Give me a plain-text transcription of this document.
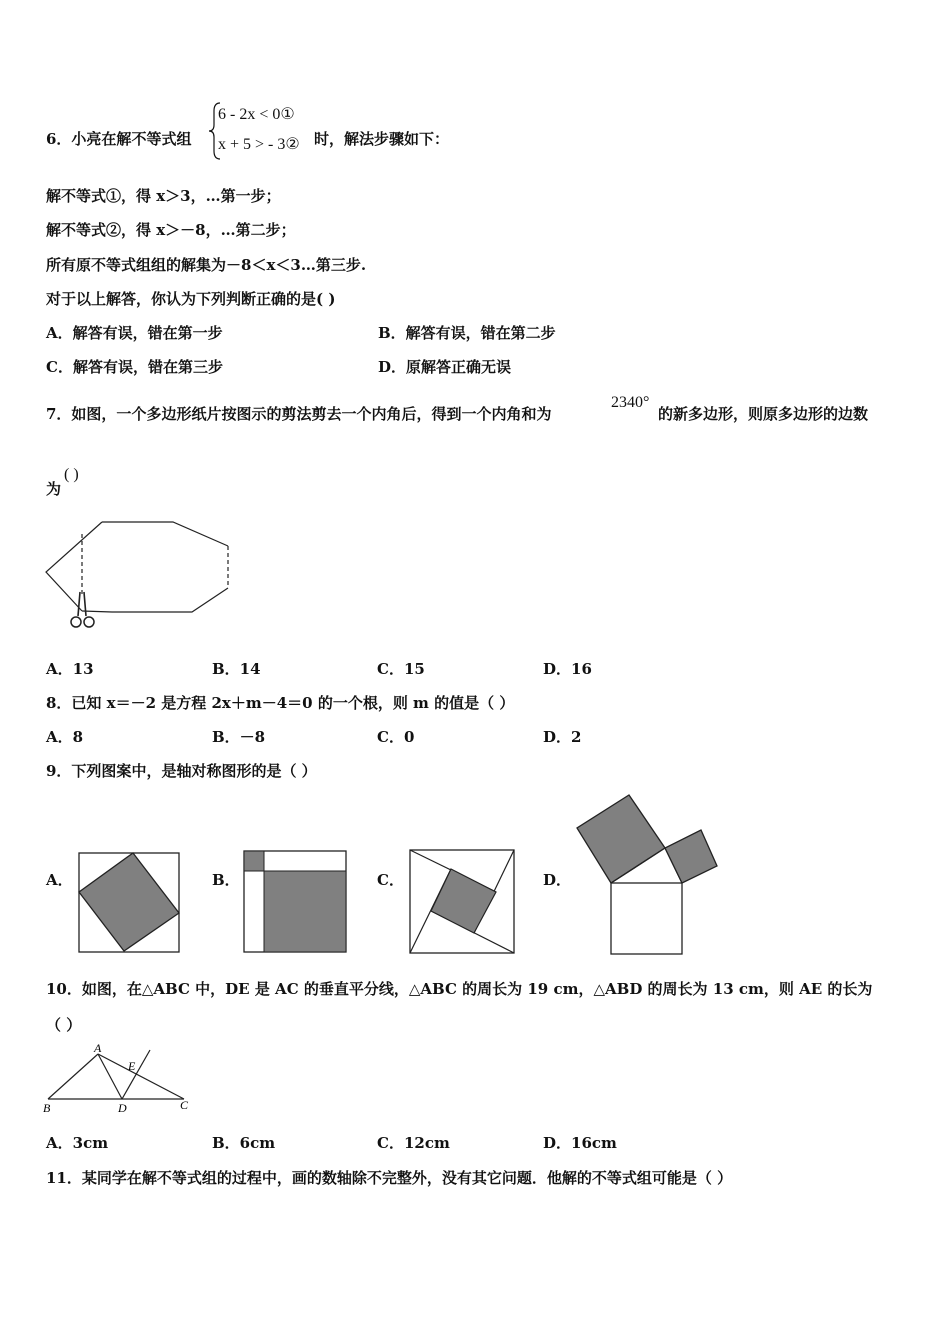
6．小亮在解不等式组
6 - 2x < 0①
x + 5 > - 3② 时，解法步骤如下：
解不等式①，得 x＞3，…第一步；
解不等式②，得 x＞－8，…第二步；
所有原不等式组组的解集为－8＜x＜3…第三步.
对于以上解答，你认为下列判断正确的是( )
A．解答有误，错在第一步	B．解答有误，错在第二步
C．解答有误，错在第三步	D．原解答正确无误
7．如图，一个多边形纸片按图示的剪法剪去一个内角后，得到一个内角和为
2340°
的新多边形，则原多边形的边数
为
( )
A．13	B．14	C．15	D．16
8．已知 x＝－2 是方程 2x＋m－4＝0 的一个根，则 m 的值是（ ）
A．8	B．－8	C．0	D．2
9．下列图案中，是轴对称图形的是（ ）
A．	B．	C．	D．
10．如图，在△ABC 中，DE 是 AC 的垂直平分线，△ABC 的周长为 19 cm，△ABD 的周长为 13 cm，则 AE 的长为
（ ）
A
B	C
D
E
A．3cm	B．6cm	C．12cm	D．16cm
11．某同学在解不等式组的过程中，画的数轴除不完整外，没有其它问题．他解的不等式组可能是（ ）
